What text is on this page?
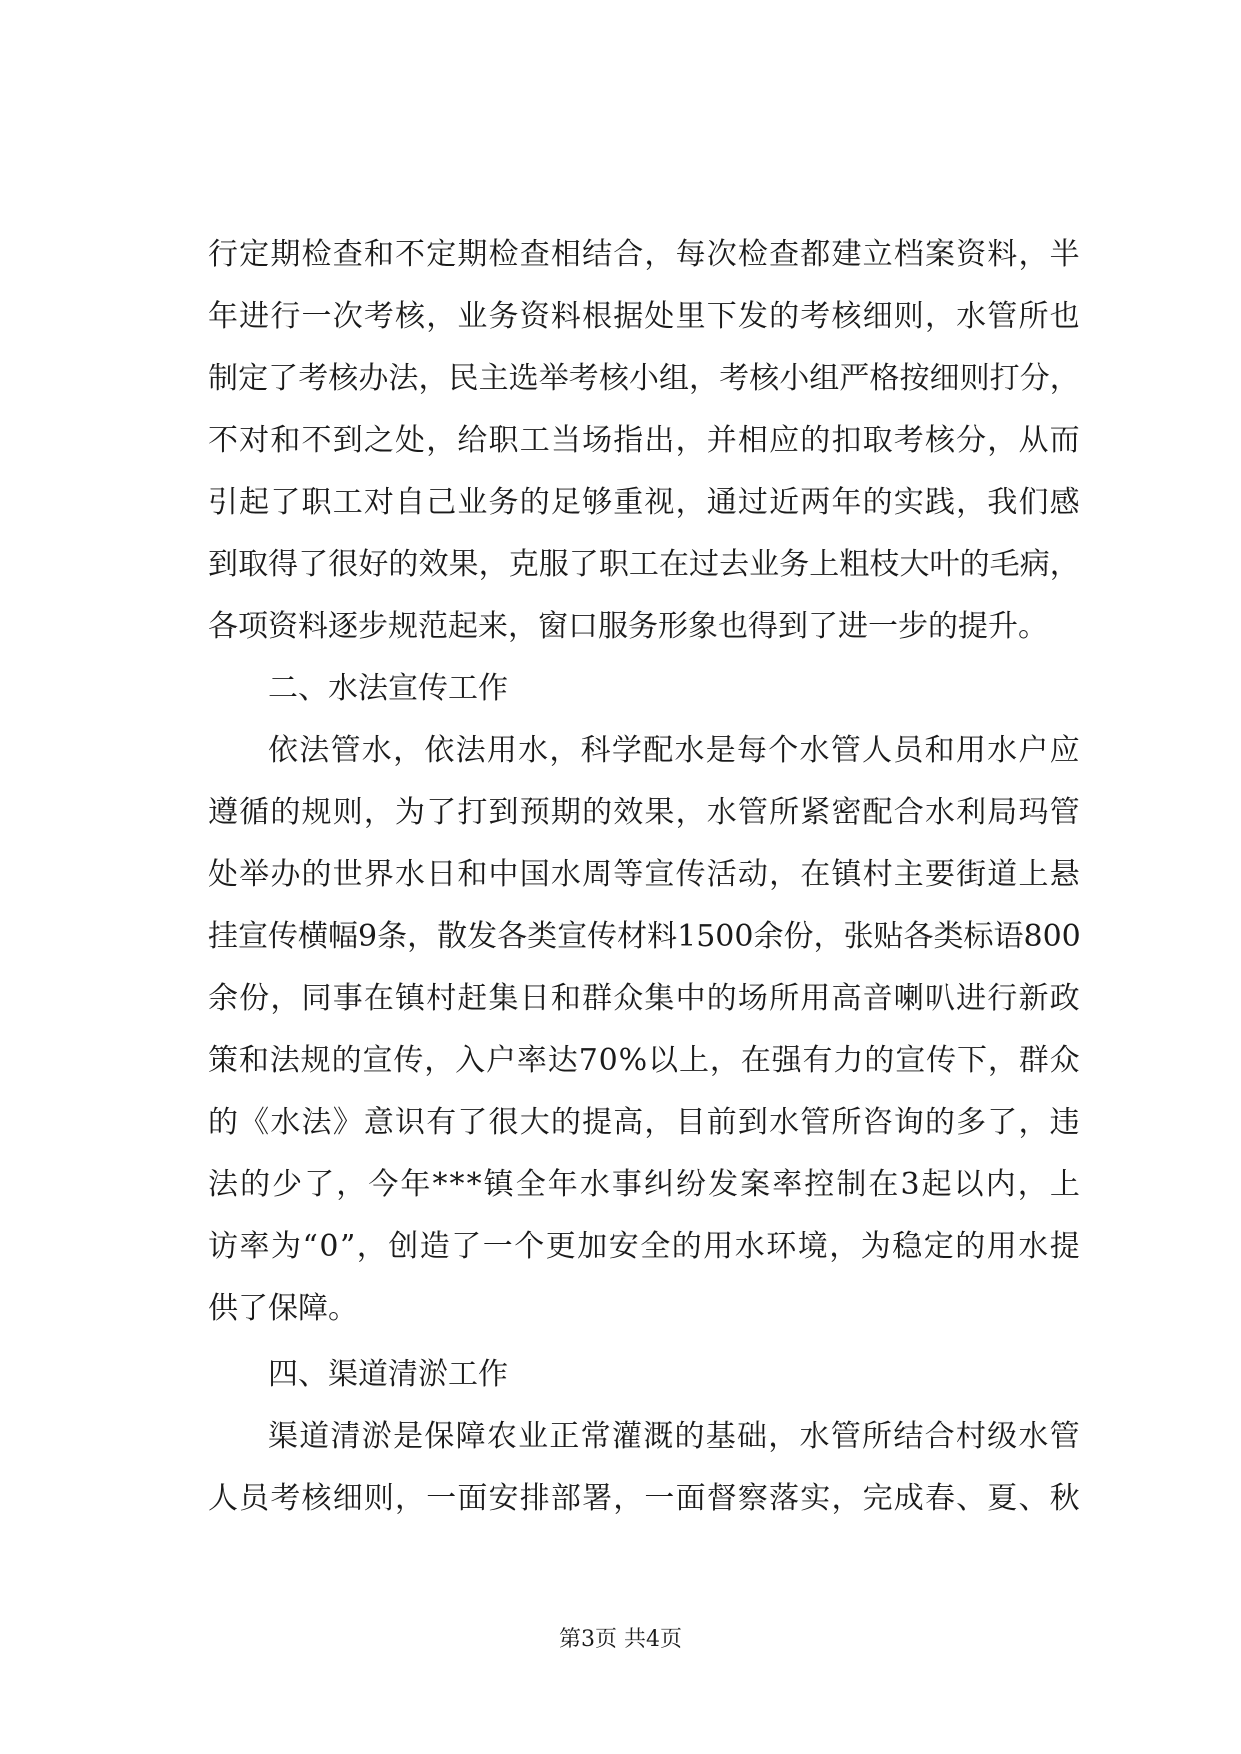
行 定 期 检 查 和 不 定 期 检 查 相 结 合 ， 每 次 检 查 都 建 立 档 案 资 料 ， 半
年 进 行 一 次 考 核 ， 业 务 资 料 根 据 处 里 下 发 的 考 核 细 则 ， 水 管 所 也
制 定 了 考 核 办 法 ， 民 主 选 举 考 核 小 组 ， 考 核 小 组 严 格 按 细 则 打 分 ，
不 对 和 不 到 之 处 ， 给 职 工 当 场 指 出 ， 并 相 应 的 扣 取 考 核 分 ， 从 而
引 起 了 职 工 对 自 己 业 务 的 足 够 重 视 ， 通 过 近 两 年 的 实 践 ， 我 们 感
到 取 得 了 很 好 的 效 果 ， 克 服 了 职 工 在 过 去 业 务 上 粗 枝 大 叶 的 毛 病 ，
各项资料逐步规范起来，窗口服务形象也得到了进一步的提升。
二、水法宣传工作
依 法 管 水 ， 依 法 用 水 ， 科 学 配 水 是 每 个 水 管 人 员 和 用 水 户 应
遵 循 的 规 则 ， 为 了 打 到 预 期 的 效 果 ， 水 管 所 紧 密 配 合 水 利 局 玛 管
处 举 办 的 世 界 水 日 和 中 国 水 周 等 宣 传 活 动 ， 在 镇 村 主 要 街 道 上 悬
挂 宣 传 横 幅 9 条 ， 散 发 各 类 宣 传 材 料 1 5 0 0 余 份 ， 张 贴 各 类 标 语 8 0 0
余 份 ， 同 事 在 镇 村 赶 集 日 和 群 众 集 中 的 场 所 用 高 音 喇 叭 进 行 新 政
策 和 法 规 的 宣 传 ， 入 户 率 达 7 0 % 以 上 ， 在 强 有 力 的 宣 传 下 ， 群 众
的 《 水 法 》 意 识 有 了 很 大 的 提 高 ， 目 前 到 水 管 所 咨 询 的 多 了 ， 违
法 的 少 了 ， 今 年 * * * 镇 全 年 水 事 纠 纷 发 案 率 控 制 在 3 起 以 内 ， 上
访 率 为 “ 0 ” ， 创 造 了 一 个 更 加 安 全 的 用 水 环 境 ， 为 稳 定 的 用 水 提
供了保障。
四、渠道清淤工作
渠 道 清 淤 是 保 障 农 业 正 常 灌 溉 的 基 础 ， 水 管 所 结 合 村 级 水 管
人 员 考 核 细 则 ， 一 面 安 排 部 署 ， 一 面 督 察 落 实 ， 完 成 春 、 夏 、 秋
第3页 共4页
